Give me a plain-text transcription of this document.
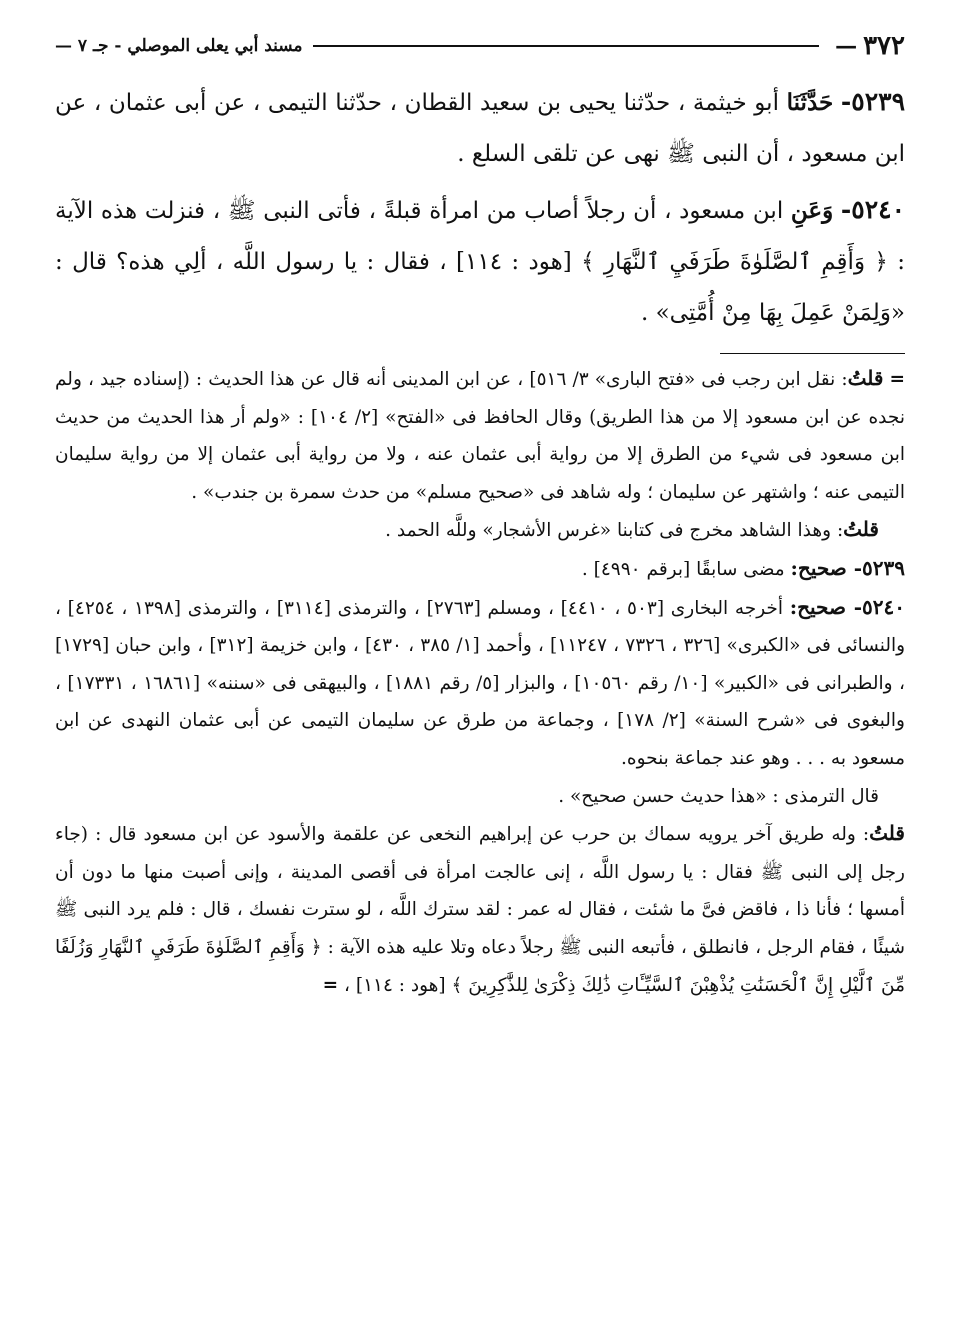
٣٧٢
—
مسند أبي يعلى الموصلي - جـ ٧ —

٥٢٣٩- حَدَّثَنَا أبو خيثمة ، حدّثنا يحيى بن سعيد القطان ، حدّثنا التيمى ، عن أبى عثمان ، عن ابن مسعود ، أن النبى ﷺ نهى عن تلقى السلع .

٥٢٤٠- وَعَنِ ابن مسعود ، أن رجلاً أصاب من امرأة قبلةً ، فأتى النبى ﷺ ، فنزلت هذه الآية : ﴿ وَأَقِمِ ٱلصَّلَوٰةَ طَرَفَيِ ٱلنَّهَارِ ﴾ [هود : ١١٤] ، فقال : يا رسول اللَّه ، ألِي هذه؟ قال : «وَلِمَنْ عَمِلَ بِهَا مِنْ أُمَّتِى» .

= قلتُ: نقل ابن رجب فى «فتح البارى» ٣/ ٥١٦] ، عن ابن المدينى أنه قال عن هذا الحديث : (إسناده جيد ، ولم نجده عن ابن مسعود إلا من هذا الطريق) وقال الحافظ فى «الفتح» [٢/ ١٠٤] : «ولم أر هذا الحديث من حديث ابن مسعود فى شيء من الطرق إلا من رواية أبى عثمان عنه ، ولا من رواية أبى عثمان إلا من رواية سليمان التيمى عنه ؛ واشتهر عن سليمان ؛ وله شاهد فى «صحيح مسلم» من حدث سمرة بن جندب» .

قلتُ: وهذا الشاهد مخرج فى كتابنا «غرس الأشجار» وللَّه الحمد .

٥٢٣٩- صحيح: مضى سابقًا [برقم ٤٩٩٠] .

٥٢٤٠- صحيح: أخرجه البخارى [٥٠٣ ، ٤٤١٠] ، ومسلم [٢٧٦٣] ، والترمذى [٣١١٤] ، والترمذى [١٣٩٨ ، ٤٢٥٤] ، والنسائى فى «الكبرى» [٣٢٦ ، ٧٣٢٦ ، ١١٢٤٧] ، وأحمد [١/ ٣٨٥ ، ٤٣٠] ، وابن خزيمة [٣١٢] ، وابن حبان [١٧٢٩] ، والطبرانى فى «الكبير» [١٠/ رقم ١٠٥٦٠] ، والبزار [٥/ رقم ١٨٨١] ، والبيهقى فى «سننه» [١٦٨٦١ ، ١٧٣٣١] ، والبغوى فى «شرح السنة» [٢/ ١٧٨] ، وجماعة من طرق عن سليمان التيمى عن أبى عثمان النهدى عن ابن مسعود به . . . وهو عند جماعة بنحوه.

قال الترمذى : «هذا حديث حسن صحيح» .

قلتُ: وله طريق آخر يرويه سماك بن حرب عن إبراهيم النخعى عن علقمة والأسود عن ابن مسعود قال : (جاء رجل إلى النبى ﷺ فقال : يا رسول اللَّه ، إنى عالجت امرأة فى أقصى المدينة ، وإنى أصبت منها ما دون أن أمسها ؛ فأنا ذا ، فاقض فىَّ ما شئت ، فقال له عمر : لقد سترك اللَّه ، لو سترت نفسك ، قال : فلم يرد النبى ﷺ شيئًا ، فقام الرجل ، فانطلق ، فأتبعه النبى ﷺ رجلاً دعاه وتلا عليه هذه الآية : ﴿ وَأَقِمِ ٱلصَّلَوٰةَ طَرَفَيِ ٱلنَّهَارِ وَزُلَفًا مِّنَ ٱلَّيْلِ إِنَّ ٱلْحَسَنَٰتِ يُذْهِبْنَ ٱلسَّيِّـَٔاتِ ذَٰلِكَ ذِكْرَىٰ لِلذَّٰكِرِينَ ﴾ [هود : ١١٤] ، =
